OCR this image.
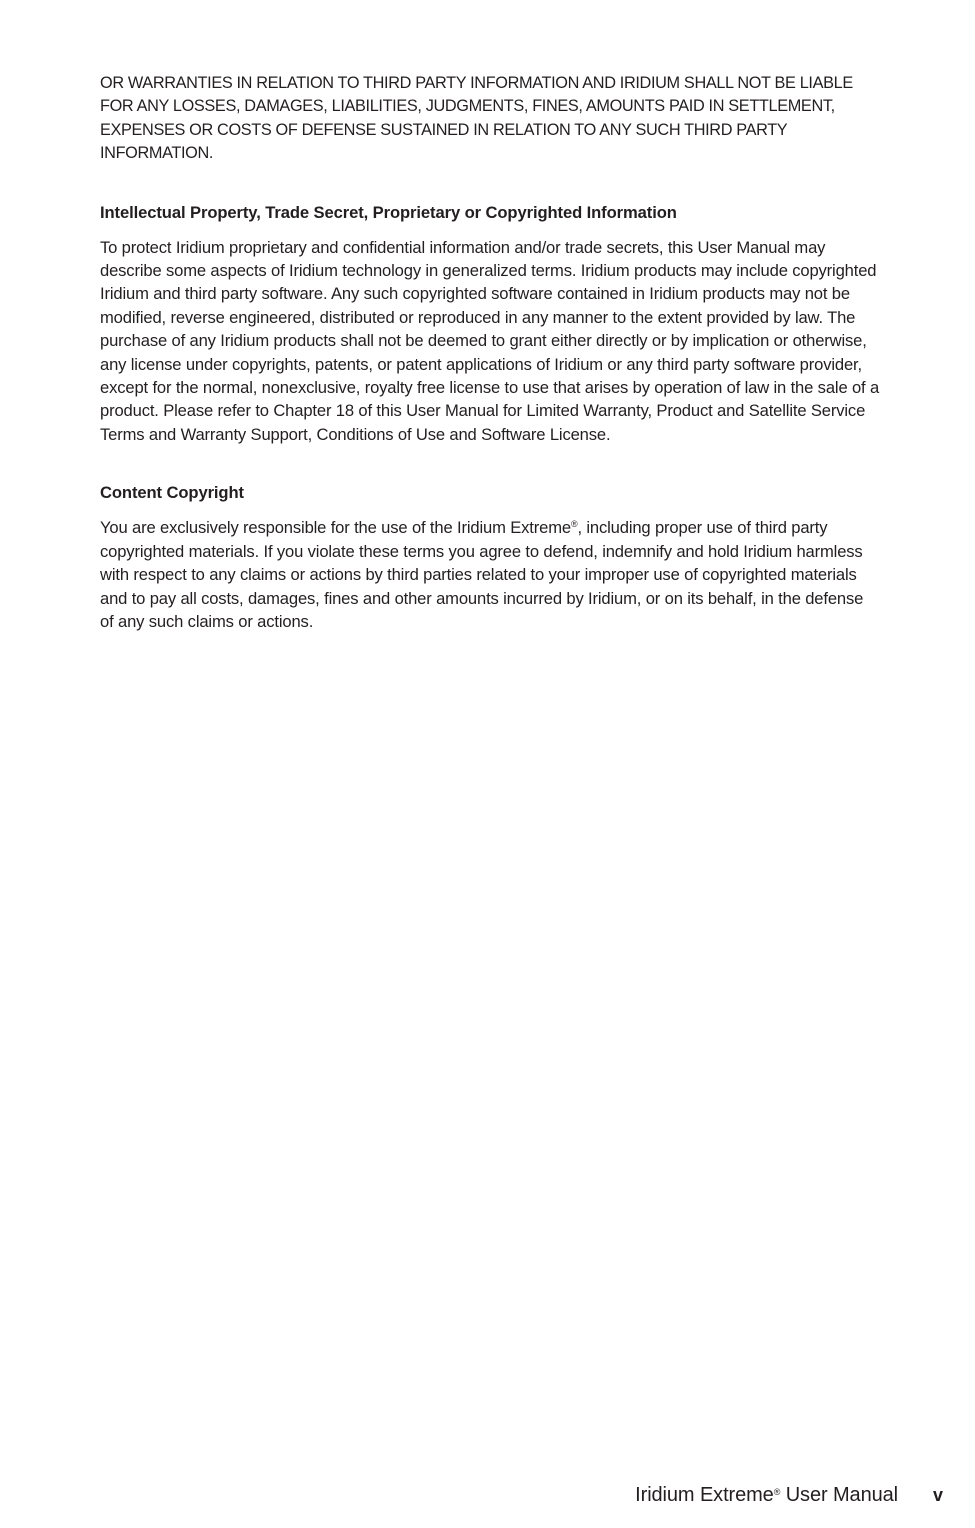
OR WARRANTIES IN RELATION TO THIRD PARTY INFORMATION AND IRIDIUM SHALL NOT BE LIABLE FOR ANY LOSSES, DAMAGES, LIABILITIES, JUDGMENTS, FINES, AMOUNTS PAID IN SETTLEMENT, EXPENSES OR COSTS OF DEFENSE SUSTAINED IN RELATION TO ANY SUCH THIRD PARTY INFORMATION.

Intellectual Property, Trade Secret, Proprietary or Copyrighted Information

To protect Iridium proprietary and confidential information and/or trade secrets, this User Manual may describe some aspects of Iridium technology in generalized terms. Iridium products may include copyrighted Iridium and third party software. Any such copyrighted software contained in Iridium products may not be modified, reverse engineered, distributed or reproduced in any manner to the extent provided by law. The purchase of any Iridium products shall not be deemed to grant either directly or by implication or otherwise, any license under copyrights, patents, or patent applications of Iridium or any third party software provider, except for the normal, nonexclusive, royalty free license to use that arises by operation of law in the sale of a product. Please refer to Chapter 18 of this User Manual for Limited Warranty, Product and Satellite Service Terms and Warranty Support, Conditions of Use and Software License.

Content Copyright

You are exclusively responsible for the use of the Iridium Extreme®, including proper use of third party copyrighted materials. If you violate these terms you agree to defend, indemnify and hold Iridium harmless with respect to any claims or actions by third parties related to your improper use of copyrighted materials and to pay all costs, damages, fines and other amounts incurred by Iridium, or on its behalf, in the defense of any such claims or actions.

Iridium Extreme® User Manual v
